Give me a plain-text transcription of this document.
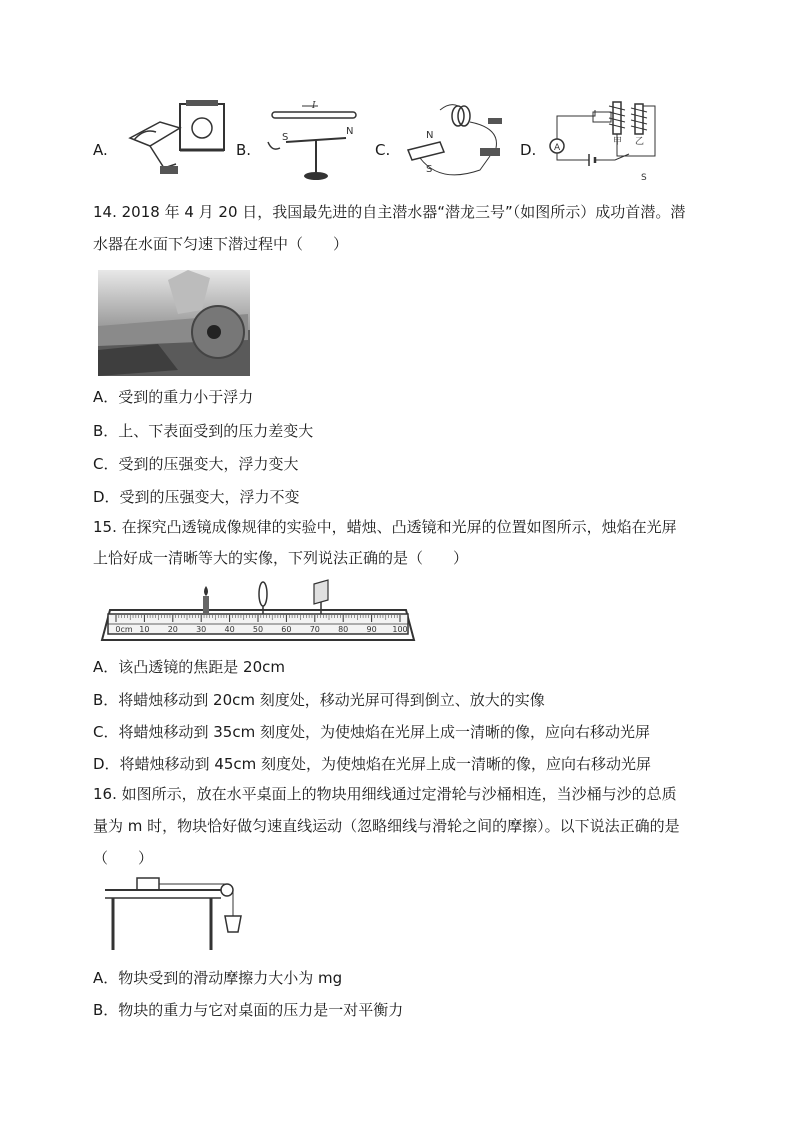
A.	B.
I
S
N
C.
N
S
D. A
甲 乙
S
14. 2018 年 4 月 20 日，我国最先进的自主潜水器“潜龙三号”（如图所示）成功首潜。潜
水器在水面下匀速下潜过程中（　　）
A．受到的重力小于浮力
B．上、下表面受到的压力差变大
C．受到的压强变大，浮力变大
D．受到的压强变大，浮力不变
15. 在探究凸透镜成像规律的实验中，蜡烛、凸透镜和光屏的位置如图所示，烛焰在光屏
上恰好成一清晰等大的实像，下列说法正确的是（　　）
0cm 10 20 30 40 50 60 70 80 90 100
A．该凸透镜的焦距是 20cm
B．将蜡烛移动到 20cm 刻度处，移动光屏可得到倒立、放大的实像
C．将蜡烛移动到 35cm 刻度处，为使烛焰在光屏上成一清晰的像，应向右移动光屏
D．将蜡烛移动到 45cm 刻度处，为使烛焰在光屏上成一清晰的像，应向右移动光屏
16. 如图所示，放在水平桌面上的物块用细线通过定滑轮与沙桶相连，当沙桶与沙的总质
量为 m 时，物块恰好做匀速直线运动（忽略细线与滑轮之间的摩擦）。以下说法正确的是
（　　）
A．物块受到的滑动摩擦力大小为 mg
B．物块的重力与它对桌面的压力是一对平衡力
